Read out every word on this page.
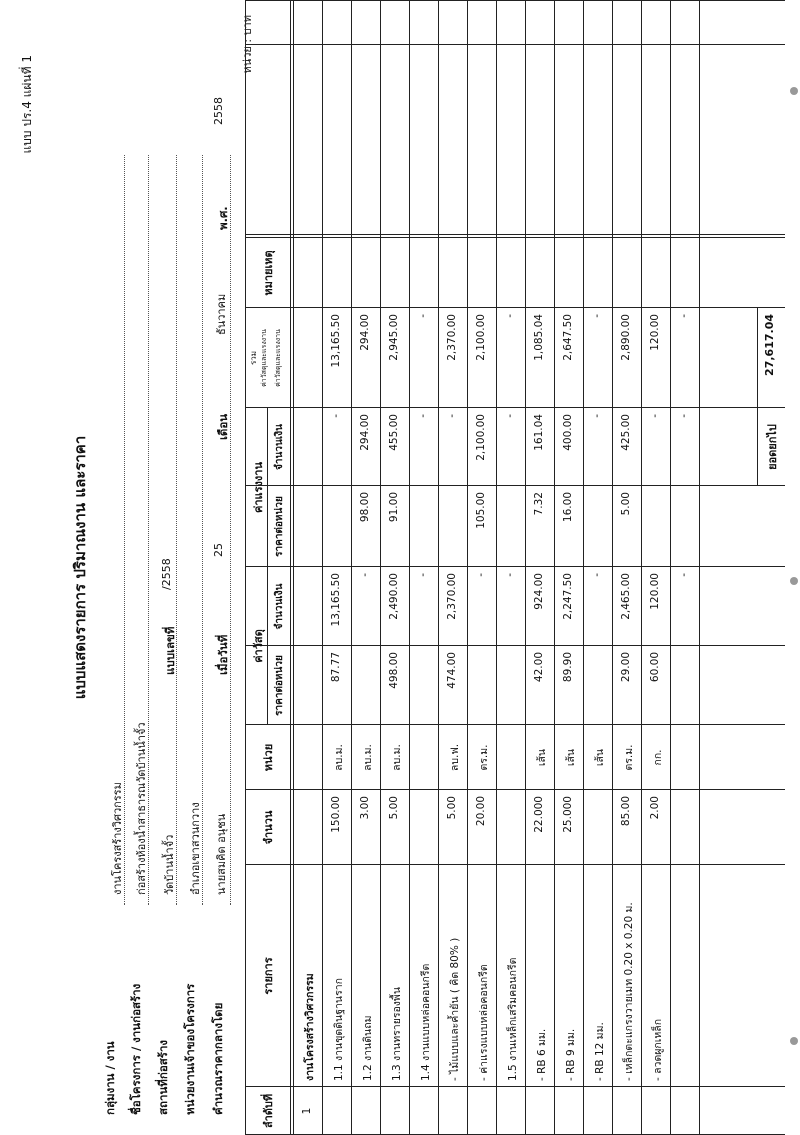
แบบ ปร.4 แผ่นที่ 1
แบบแสดงรายการ ปริมาณงาน และราคา
กลุ่มงาน / งาน
งานโครงสร้างวิศวกรรม
ชื่อโครงการ / งานก่อสร้าง
ก่อสร้างห้องน้ำสาธารณวัดบ้านน้ำจั้ว
สถานที่ก่อสร้าง
วัดบ้านน้ำจั้ว
แบบเลขที่
/2558
หน่วยงานเจ้าของโครงการ
อำเภอเขาสวนกวาง
คำนวณราคากลางโดย
นายสมคิด อนุชน
เมื่อวันที่
25
เดือน
ธันวาคม
พ.ศ.
2558
หน่วย : บาท
ลำดับที่
รายการ
จำนวน
หน่วย
ค่าวัสดุ
ค่าแรงงาน
ราคาต่อหน่วย
จำนวนเงิน
ราคาต่อหน่วย
จำนวนเงิน
รวม ค่าวัสดุและแรงงาน ค่าวัสดุและแรงงาน
หมายเหตุ
1
งานโครงสร้างวิศวกรรม 1.1 งานขุดดินฐานราก
150.00
ลบ.ม.
87.77
13,165.50
-
13,165.50
1.2 งานดินถม
3.00
ลบ.ม.
-
98.00
294.00
294.00
1.3 งานทรายรองพื้น
5.00
ลบ.ม.
498.00
2,490.00
91.00
455.00
2,945.00
1.4 งานแบบหล่อคอนกรีต
-
-
-
- ไม้แบบและค้ำยัน ( คิด 80% )
5.00
ลบ.ฟ.
474.00
2,370.00
-
2,370.00
- ค่าแรงแบบหล่อคอนกรีต
20.00
ตร.ม.
-
105.00
2,100.00
2,100.00
1.5 งานเหล็กเสริมคอนกรีต
-
-
-
- RB 6 มม.
22.000
เส้น
42.00
924.00
7.32
161.04
1,085.04
- RB 9 มม.
25.000
เส้น
89.90
2,247.50
16.00
400.00
2,647.50
- RB 12 มม.
เส้น
-
-
-
- เหล็กตะแกรงวายเมท 0.20 x 0.20 ม.
85.00
ตร.ม.
29.00
2,465.00
5.00
425.00
2,890.00
- ลวดผูกเหล็ก
2.00
กก.
60.00
120.00
-
120.00
-
-
-
ยอดยกไป
27,617.04
